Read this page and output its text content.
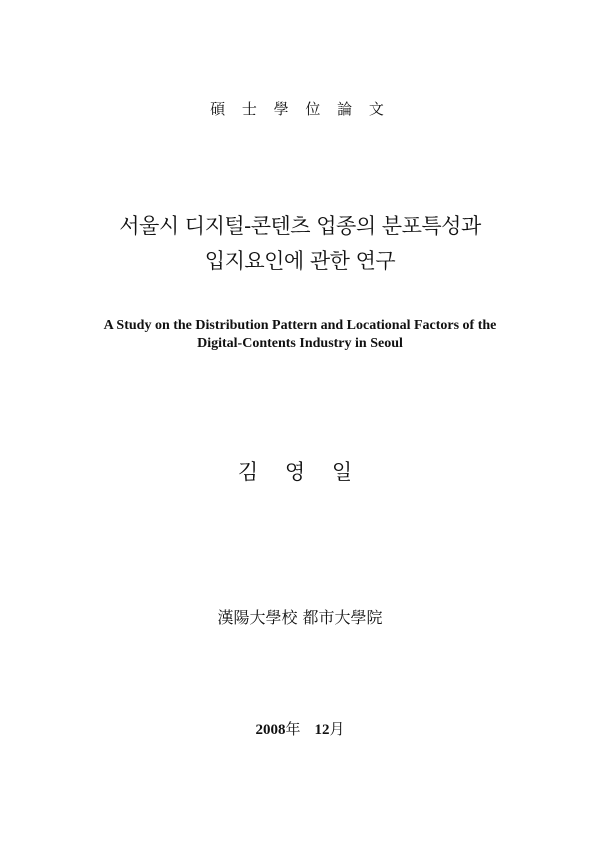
碩 士 學 位 論 文
서울시 디지털-콘텐츠 업종의 분포특성과
입지요인에 관한 연구
A Study on the Distribution Pattern and Locational Factors of the
Digital-Contents Industry in Seoul
김 영 일
漢陽大學校 都市大學院
2008年 12月
